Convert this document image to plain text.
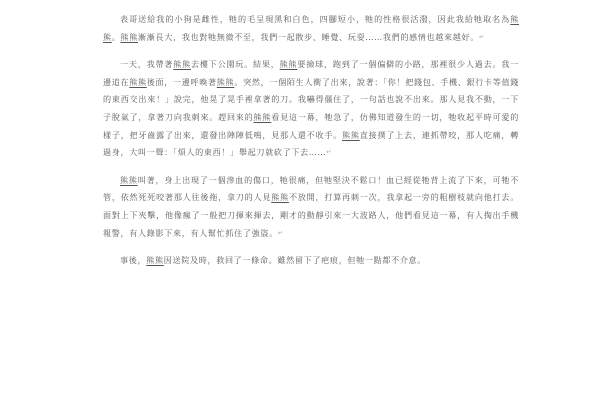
表哥送給我的小狗是雌性，牠的毛呈現黑和白色，四腳短小，牠的性格很活潑，因此我給牠取名為熊熊。熊熊漸漸長大，我也對牠無微不至，我們一起散步、睡覺、玩耍……我們的感情也越來越好。↵

一天，我帶著熊熊去樓下公園玩。結果，熊熊要撿球，跑到了一個偏僻的小路，那裡很少人過去。我一邊追在熊熊後面，一邊呼喚著熊熊。突然，一個陌生人衝了出來，說著：「你！把錢包、手機、銀行卡等值錢的東西交出來！」說完，他晃了晃手裡拿著的刀。我嚇得僵住了，一句話也說不出來。那人見我不動，一下子脫氣了，拿著刀向我刺來。趕回來的熊熊看見這一幕，牠急了，仿佛知道發生的一切，牠收起平時可愛的樣子，把牙齒露了出來，還發出陣陣低鳴，見那人還不收手。熊熊直接撲了上去，連抓帶咬，那人吃痛，轉過身，大叫一聲：「煩人的東西！」舉起刀就砍了下去……↵

熊熊叫著，身上出現了一個滲血的傷口，牠很痛，但牠堅決不鬆口！血已經從牠背上流了下來，可牠不管，依然死死咬著那人往後拖，拿刀的人見熊熊不放開，打算再刺一次，我拿起一旁的粗樹枝就向他打去。面對上下夾擊，他像瘋了一般把刀揮來揮去，剛才的動靜引來一大波路人，他們看見這一幕，有人掏出手機報警，有人錄影下來，有人幫忙抓住了強盜。↵

事後，熊熊因送院及時，救回了一條命。雖然留下了疤痕，但牠一點都不介意。
